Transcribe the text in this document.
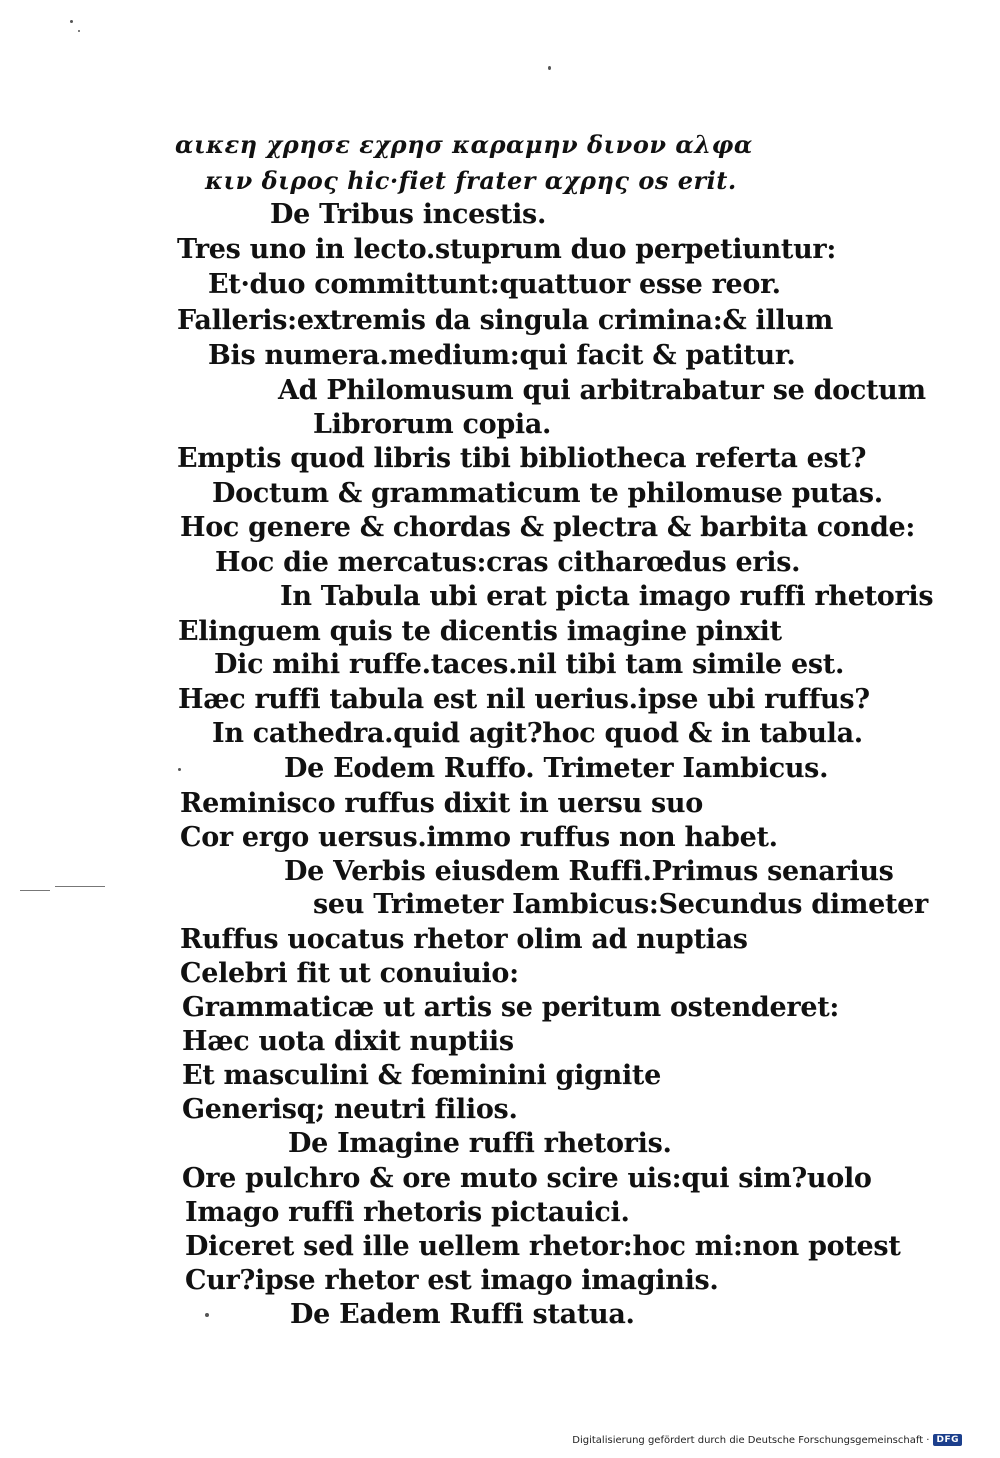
αικεη χρησε εχρησ καραμην δινον αλφα
κιν διρος hic·fiet frater αχρης os erit.
De Tribus incestis.
Tres uno in lecto.stuprum duo perpetiuntur:
Et·duo committunt:quattuor esse reor.
Falleris:extremis da singula crimina:& illum
Bis numera.medium:qui facit & patitur.
Ad Philomusum qui arbitrabatur se doctum
Librorum copia.
Emptis quod libris tibi bibliotheca referta est?
Doctum & grammaticum te philomuse putas.
Hoc genere & chordas & plectra & barbita conde:
Hoc die mercatus:cras citharœdus eris.
In Tabula ubi erat picta imago ruffi rhetoris
Elinguem quis te dicentis imagine pinxit
Dic mihi ruffe.taces.nil tibi tam simile est.
Hæc ruffi tabula est nil uerius.ipse ubi ruffus?
In cathedra.quid agit?hoc quod & in tabula.
De Eodem Ruffo. Trimeter Iambicus.
Reminisco ruffus dixit in uersu suo
Cor ergo uersus.immo ruffus non habet.
De Verbis eiusdem Ruffi.Primus senarius
seu Trimeter Iambicus:Secundus dimeter
Ruffus uocatus rhetor olim ad nuptias
Celebri fit ut conuiuio:
Grammaticæ ut artis se peritum ostenderet:
Hæc uota dixit nuptiis
Et masculini & fœminini gignite
Generisq; neutri filios.
De Imagine ruffi rhetoris.
Ore pulchro & ore muto scire uis:qui sim?uolo
Imago ruffi rhetoris pictauici.
Diceret sed ille uellem rhetor:hoc mi:non potest
Cur?ipse rhetor est imago imaginis.
De Eadem Ruffi statua.
Digitalisierung gefördert durch die Deutsche Forschungsgemeinschaft · DFG
